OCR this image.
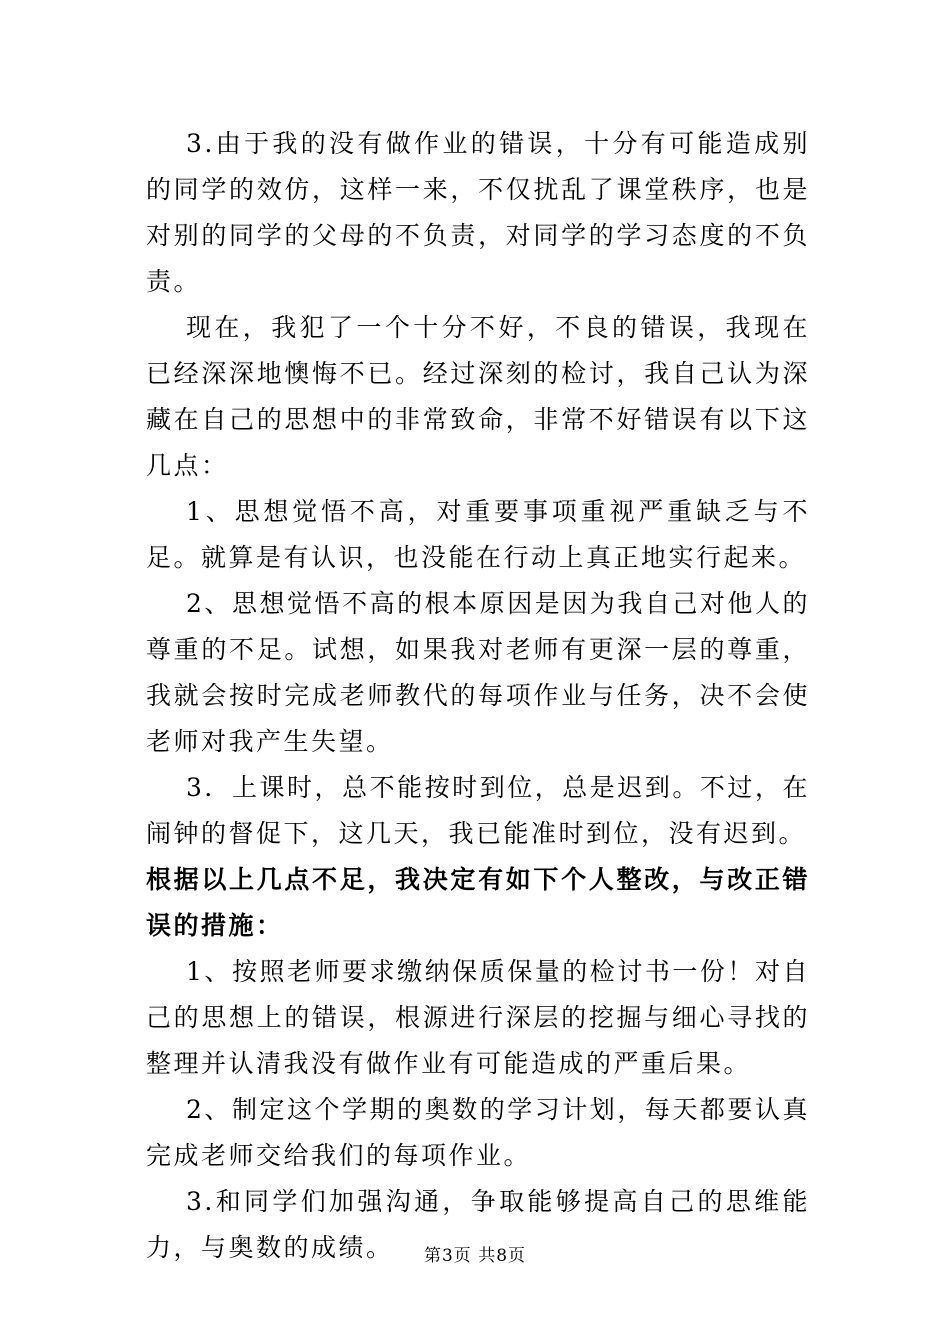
3.由于我的没有做作业的错误，十分有可能造成别的同学的效仿，这样一来，不仅扰乱了课堂秩序，也是对别的同学的父母的不负责，对同学的学习态度的不负责。

现在，我犯了一个十分不好，不良的错误，我现在已经深深地懊悔不已。经过深刻的检讨，我自己认为深藏在自己的思想中的非常致命，非常不好错误有以下这几点：

1、思想觉悟不高，对重要事项重视严重缺乏与不足。就算是有认识，也没能在行动上真正地实行起来。

2、思想觉悟不高的根本原因是因为我自己对他人的尊重的不足。试想，如果我对老师有更深一层的尊重，我就会按时完成老师教代的每项作业与任务，决不会使老师对我产生失望。

3．上课时，总不能按时到位，总是迟到。不过，在闹钟的督促下，这几天，我已能准时到位，没有迟到。

根据以上几点不足，我决定有如下个人整改，与改正错误的措施：

1、按照老师要求缴纳保质保量的检讨书一份！对自己的思想上的错误，根源进行深层的挖掘与细心寻找的整理并认清我没有做作业有可能造成的严重后果。

2、制定这个学期的奥数的学习计划，每天都要认真完成老师交给我们的每项作业。

3.和同学们加强沟通，争取能够提高自己的思维能力，与奥数的成绩。	第3页 共8页
